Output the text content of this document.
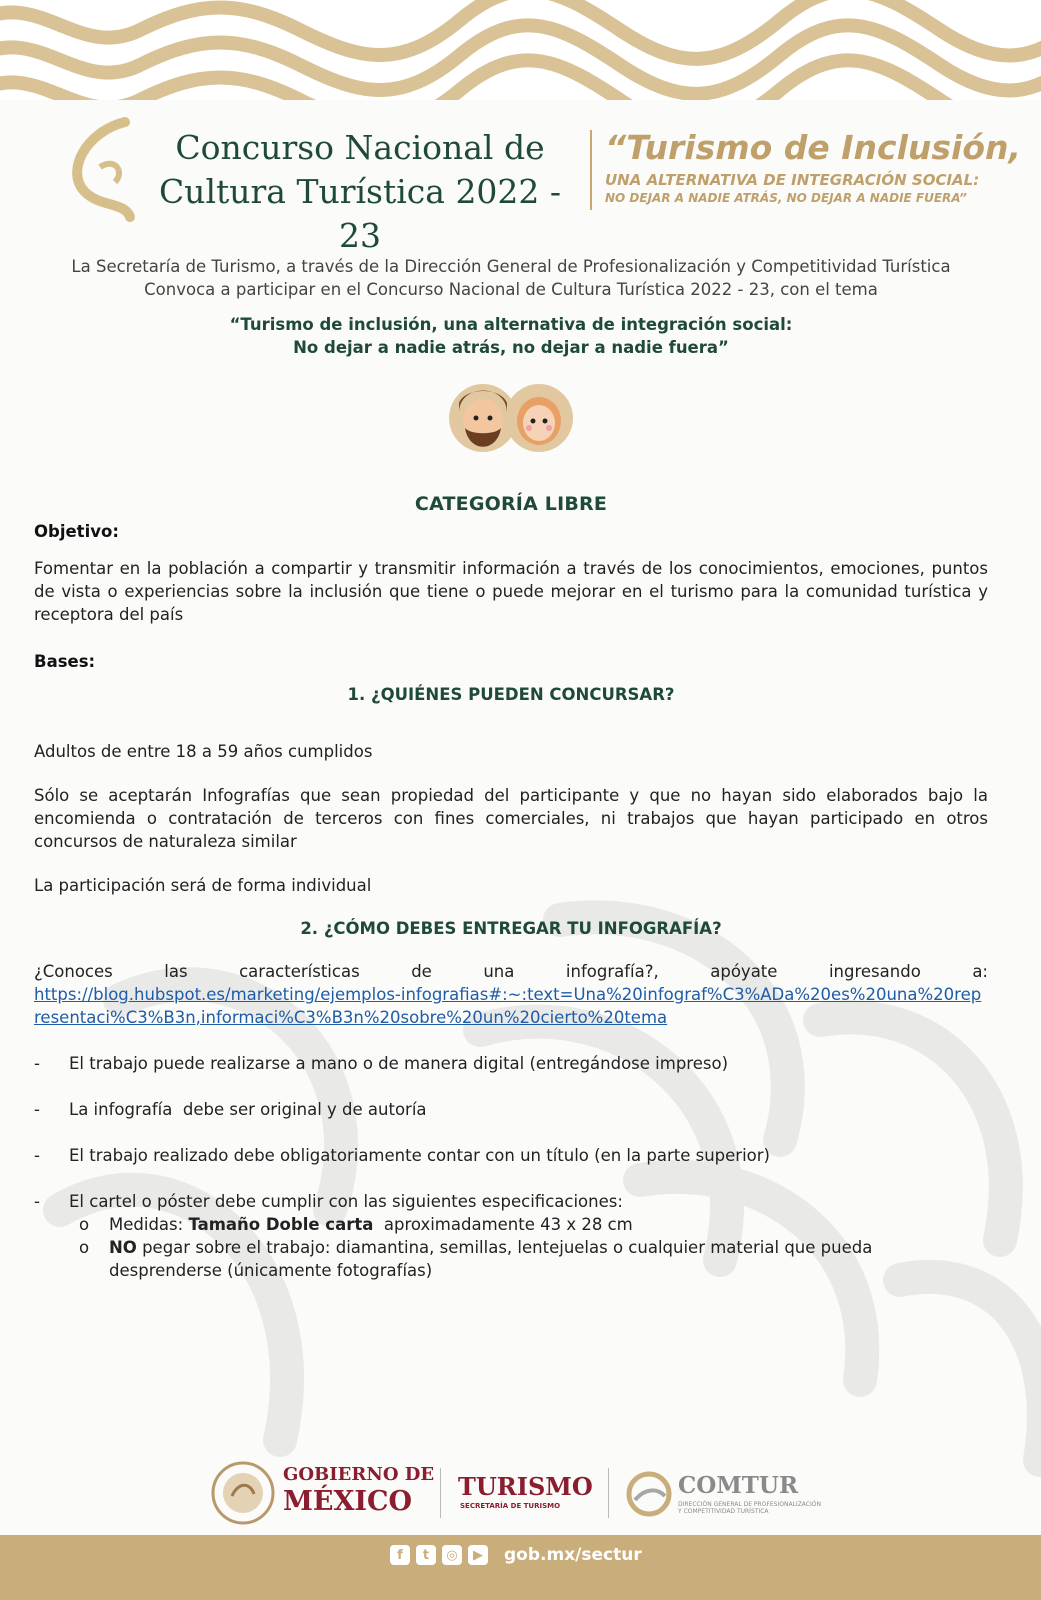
Concurso Nacional de
Cultura Turística 2022 - 23
“Turismo de Inclusión,
UNA ALTERNATIVA DE INTEGRACIÓN SOCIAL:
NO DEJAR A NADIE ATRÁS, NO DEJAR A NADIE FUERA”
La Secretaría de Turismo, a través de la Dirección General de Profesionalización y Competitividad Turística
Convoca a participar en el Concurso Nacional de Cultura Turística 2022 - 23, con el tema
“Turismo de inclusión, una alternativa de integración social:
No dejar a nadie atrás, no dejar a nadie fuera”
CATEGORÍA LIBRE
Objetivo:
Fomentar en la población a compartir y transmitir información a través de los conocimientos, emociones, puntos de vista o experiencias sobre la inclusión que tiene o puede mejorar en el turismo para la comunidad turística y receptora del país
Bases:
1. ¿QUIÉNES PUEDEN CONCURSAR?
Adultos de entre 18 a 59 años cumplidos
Sólo se aceptarán Infografías que sean propiedad del participante y que no hayan sido elaborados bajo la encomienda o contratación de terceros con fines comerciales, ni trabajos que hayan participado en otros concursos de naturaleza similar
La participación será de forma individual
2. ¿CÓMO DEBES ENTREGAR TU INFOGRAFÍA?
¿Conoces las características de una infografía?, apóyate ingresando a:
https://blog.hubspot.es/marketing/ejemplos-infografias#:~:text=Una%20infograf%C3%ADa%20es%20una%20representaci%C3%B3n,informaci%C3%B3n%20sobre%20un%20cierto%20tema
-	El trabajo puede realizarse a mano o de manera digital (entregándose impreso)
-	La infografía  debe ser original y de autoría
-	El trabajo realizado debe obligatoriamente contar con un título (en la parte superior)
-	El cartel o póster debe cumplir con las siguientes especificaciones:
o	Medidas: Tamaño Doble carta  aproximadamente 43 x 28 cm
o	NO pegar sobre el trabajo: diamantina, semillas, lentejuelas o cualquier material que pueda desprenderse (únicamente fotografías)
GOBIERNO DE
MÉXICO TURISMO
SECRETARÍA DE TURISMO
COMTUR
DIRECCIÓN GENERAL DE PROFESIONALIZACIÓN
Y COMPETITIVIDAD TURÍSTICA
f	t	◎	▶ gob.mx/sectur
